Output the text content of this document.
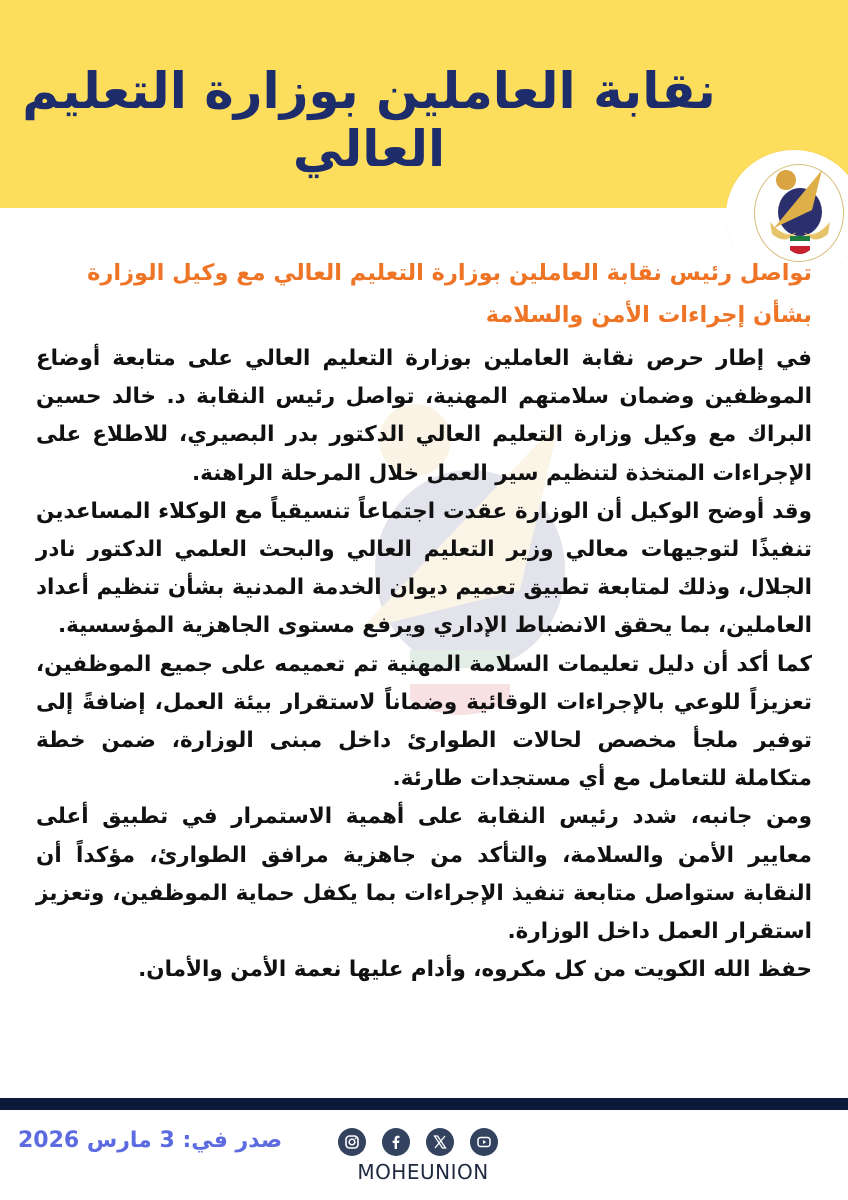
نقابة العاملين بوزارة التعليم العالي

تواصل رئيس نقابة العاملين بوزارة التعليم العالي مع وكيل الوزارة بشأن إجراءات الأمن والسلامة

في إطار حرص نقابة العاملين بوزارة التعليم العالي على متابعة أوضاع الموظفين وضمان سلامتهم المهنية، تواصل رئيس النقابة د. خالد حسين البراك مع وكيل وزارة التعليم العالي الدكتور بدر البصيري، للاطلاع على الإجراءات المتخذة لتنظيم سير العمل خلال المرحلة الراهنة.

وقد أوضح الوكيل أن الوزارة عقدت اجتماعاً تنسيقياً مع الوكلاء المساعدين تنفيذًا لتوجيهات معالي وزير التعليم العالي والبحث العلمي الدكتور نادر الجلال، وذلك لمتابعة تطبيق تعميم ديوان الخدمة المدنية بشأن تنظيم أعداد العاملين، بما يحقق الانضباط الإداري ويرفع مستوى الجاهزية المؤسسية.

كما أكد أن دليل تعليمات السلامة المهنية تم تعميمه على جميع الموظفين، تعزيزاً للوعي بالإجراءات الوقائية وضماناً لاستقرار بيئة العمل، إضافةً إلى توفير ملجأ مخصص لحالات الطوارئ داخل مبنى الوزارة، ضمن خطة متكاملة للتعامل مع أي مستجدات طارئة.

ومن جانبه، شدد رئيس النقابة على أهمية الاستمرار في تطبيق أعلى معايير الأمن والسلامة، والتأكد من جاهزية مرافق الطوارئ، مؤكداً أن النقابة ستواصل متابعة تنفيذ الإجراءات بما يكفل حماية الموظفين، وتعزيز استقرار العمل داخل الوزارة.

حفظ الله الكويت من كل مكروه، وأدام عليها نعمة الأمن والأمان.

صدر في: 3 مارس 2026
MOHEUNION
